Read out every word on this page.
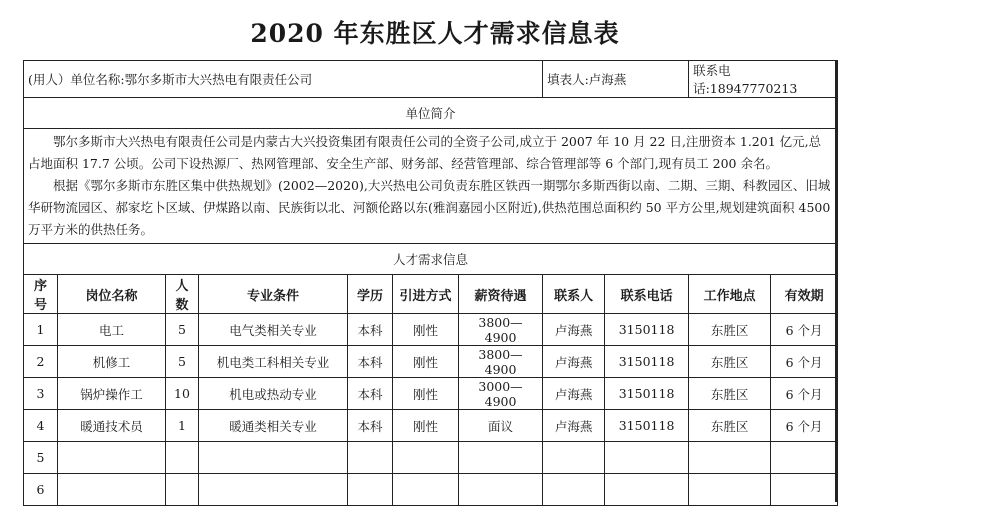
2020 年东胜区人才需求信息表
(用人）单位名称:鄂尔多斯市大兴热电有限责任公司							填表人:卢海燕		联系电话:18947770213	
单位简介										

鄂尔多斯市大兴热电有限责任公司是内蒙古大兴投资集团有限责任公司的全资子公司,成立于 2007 年 10 月 22 日,注册资本 1.201 亿元,总占地面积 17.7 公顷。公司下设热源厂、热网管理部、安全生产部、财务部、经营管理部、综合管理部等 6 个部门,现有员工 200 余名。

根据《鄂尔多斯市东胜区集中供热规划》(2002—2020),大兴热电公司负责东胜区铁西一期鄂尔多斯西街以南、二期、三期、科教园区、旧城华研物流园区、郝家圪卜区域、伊煤路以南、民族街以北、河额伦路以东(雅润嘉园小区附近),供热范围总面积约 50 平方公里,规划建筑面积 4500 万平方米的供热任务。										

人才需求信息										
序号	岗位名称	人数	专业条件	学历	引进方式	薪资待遇	联系人	联系电话	工作地点	有效期
1	电工	5	电气类相关专业	本科	刚性	3800—4900	卢海燕	3150118	东胜区	6 个月
2	机修工	5	机电类工科相关专业	本科	刚性	3800—4900	卢海燕	3150118	东胜区	6 个月
3	锅炉操作工	10	机电或热动专业	本科	刚性	3000—4900	卢海燕	3150118	东胜区	6 个月
4	暖通技术员	1	暖通类相关专业	本科	刚性	面议	卢海燕	3150118	东胜区	6 个月
5										
6										
